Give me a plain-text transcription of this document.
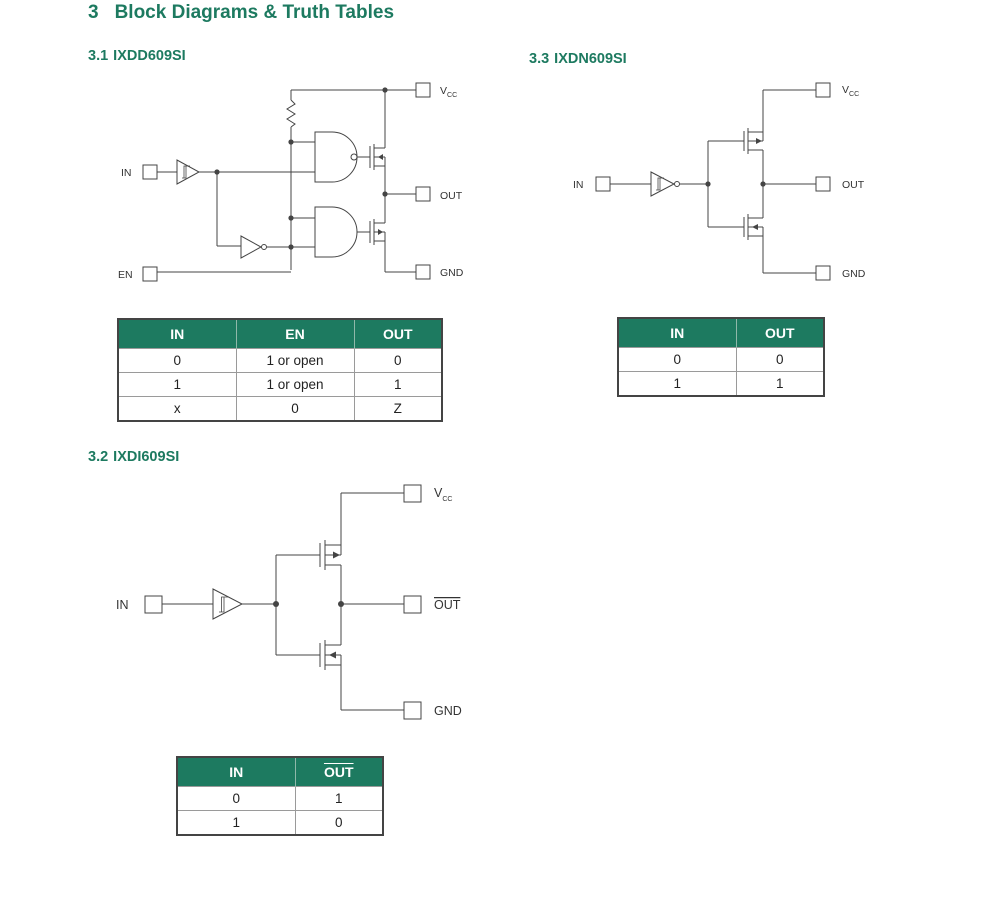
3 Block Diagrams & Truth Tables
3.1 IXDD609SI	3.3 IXDN609SI
3.2 IXDI609SI
IN
EN
$V_{CC}$
OUT
GND
IN	EN	OUT
0	1 or open	0
1	1 or open	1
x	0	Z
IN
$V_{CC}$
OUT
GND
IN	OUT
0	0
1	1
IN
$V_{CC}$
OUT
GND
IN	$\overline{OUT}$
0	1
1	0
